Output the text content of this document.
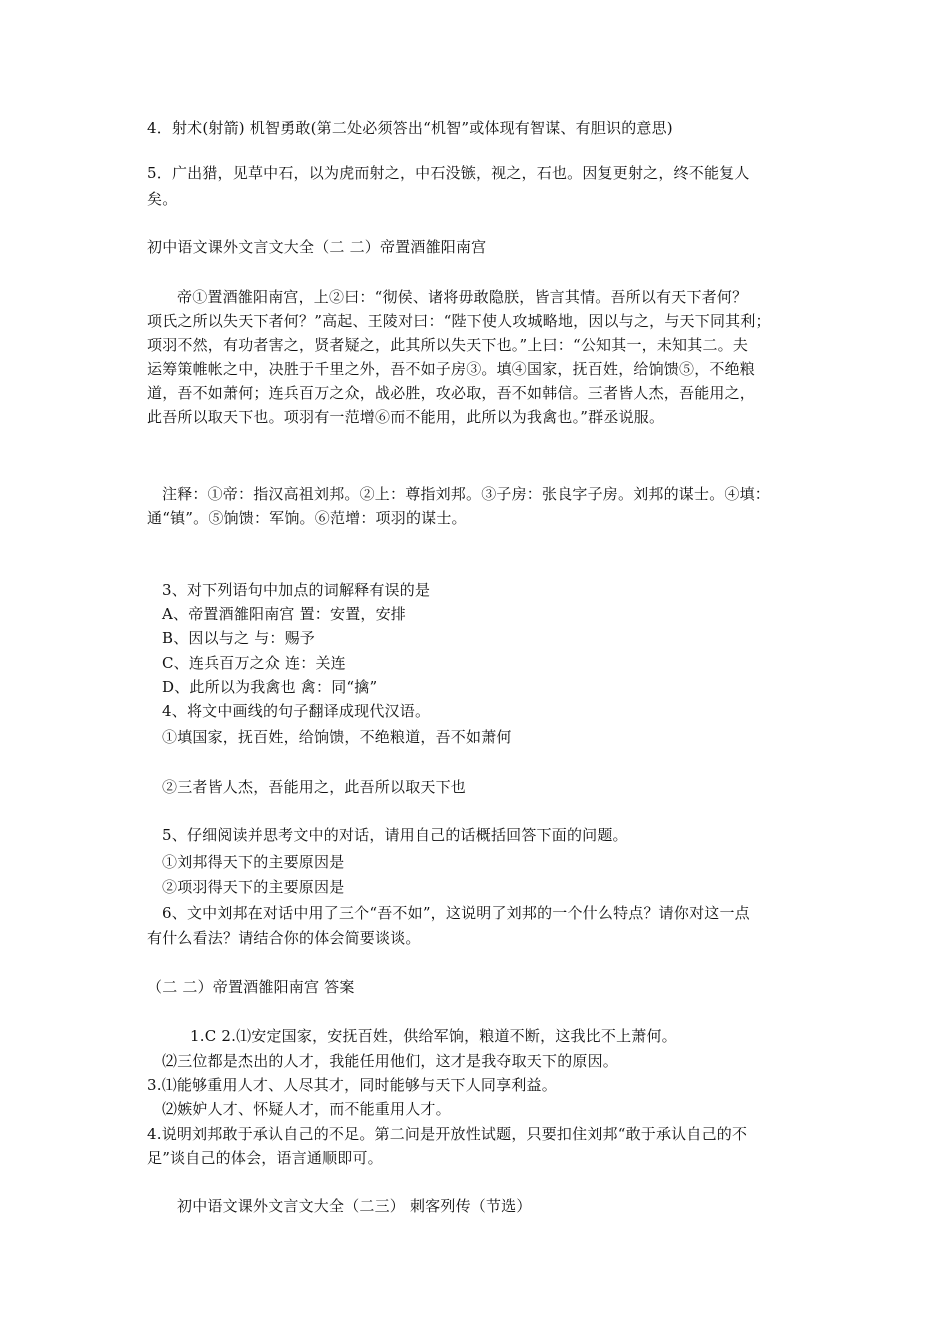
4．射术(射箭) 机智勇敢(第二处必须答出“机智”或体现有智谋、有胆识的意思)
5．广出猎，见草中石，以为虎而射之，中石没镞，视之，石也。因复更射之，终不能复人
矣。
初中语文课外文言文大全（二 二）帝置酒雒阳南宫
帝①置酒雒阳南宫，上②曰：“彻侯、诸将毋敢隐朕，皆言其情。吾所以有天下者何？
项氏之所以失天下者何？”高起、王陵对曰：“陛下使人攻城略地，因以与之，与天下同其利；
项羽不然，有功者害之，贤者疑之，此其所以失天下也。”上曰：“公知其一，未知其二。夫
运筹策帷帐之中，决胜于千里之外，吾不如子房③。填④国家，抚百姓，给饷馈⑤，不绝粮
道，吾不如萧何；连兵百万之众，战必胜，攻必取，吾不如韩信。三者皆人杰，吾能用之，
此吾所以取天下也。项羽有一范增⑥而不能用，此所以为我禽也。”群丞说服。
注释：①帝：指汉高祖刘邦。②上：尊指刘邦。③子房：张良字子房。刘邦的谋士。④填：
通“镇”。⑤饷馈：军饷。⑥范增：项羽的谋士。
3、对下列语句中加点的词解释有误的是
A、帝置酒雒阳南宫 置：安置，安排
B、因以与之 与：赐予
C、连兵百万之众 连：关连
D、此所以为我禽也 禽：同“擒”
4、将文中画线的句子翻译成现代汉语。
①填国家，抚百姓，给饷馈，不绝粮道，吾不如萧何
②三者皆人杰，吾能用之，此吾所以取天下也
5、仔细阅读并思考文中的对话，请用自己的话概括回答下面的问题。
①刘邦得天下的主要原因是
②项羽得天下的主要原因是
6、文中刘邦在对话中用了三个“吾不如”，这说明了刘邦的一个什么特点？请你对这一点
有什么看法？请结合你的体会简要谈谈。
（二 二）帝置酒雒阳南宫 答案
1.C 2.⑴安定国家，安抚百姓，供给军饷，粮道不断，这我比不上萧何。
⑵三位都是杰出的人才，我能任用他们，这才是我夺取天下的原因。
3.⑴能够重用人才、人尽其才，同时能够与天下人同享利益。
⑵嫉妒人才、怀疑人才，而不能重用人才。
4.说明刘邦敢于承认自己的不足。第二问是开放性试题，只要扣住刘邦“敢于承认自己的不
足”谈自己的体会，语言通顺即可。
初中语文课外文言文大全（二三） 刺客列传（节选）
